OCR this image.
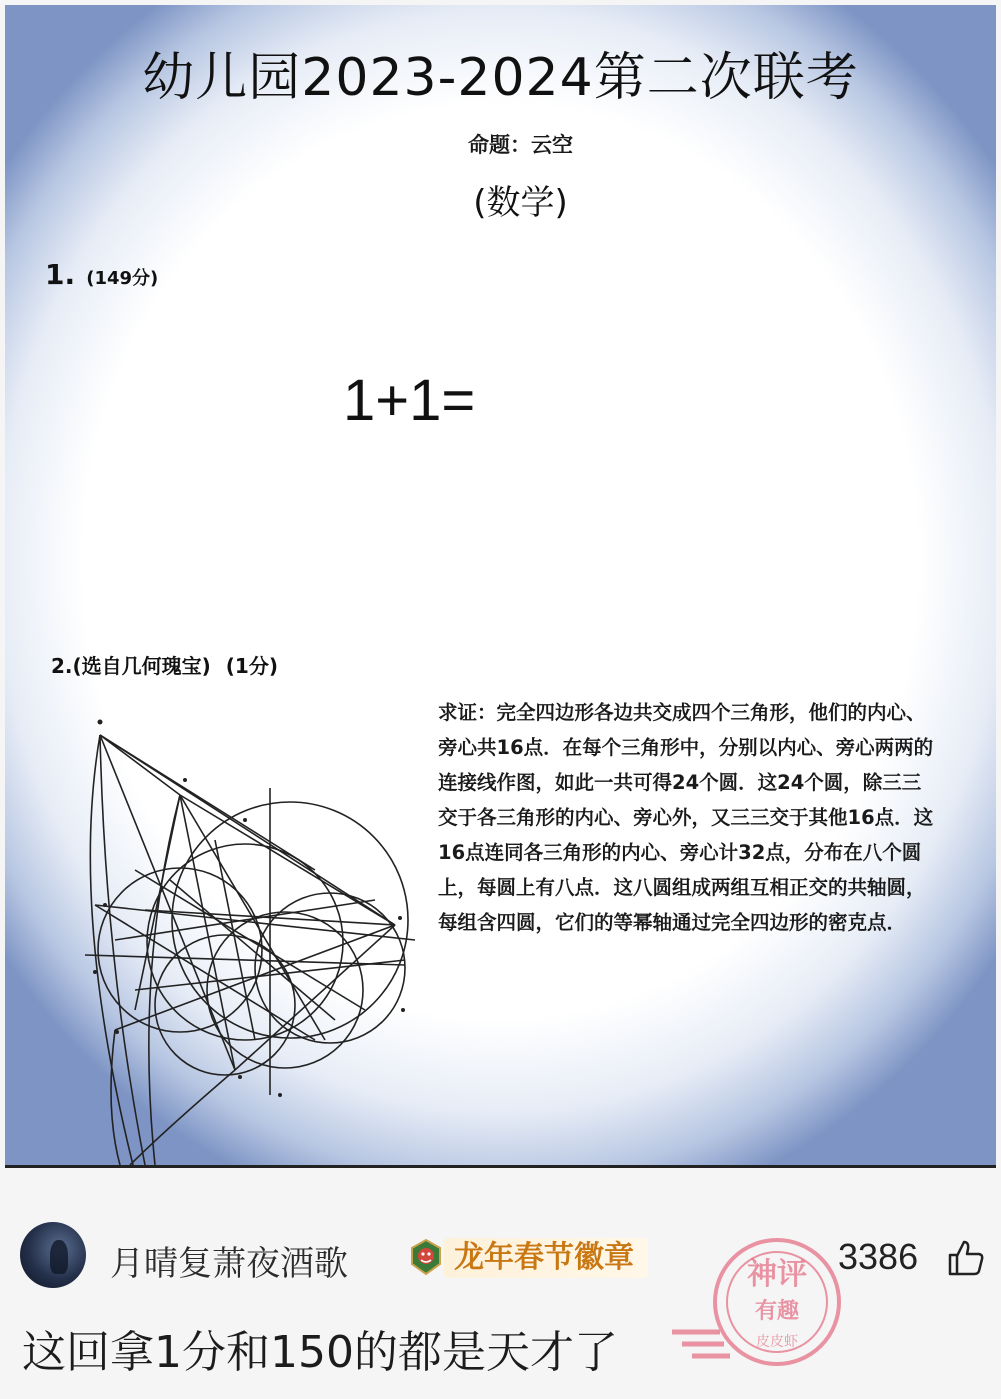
幼儿园2023-2024第二次联考
命题：云空
(数学)
1. (149分)
1+1=
2.(选自几何瑰宝) (1分)
求证：完全四边形各边共交成四个三角形，他们的内心、旁心共16点．在每个三角形中，分别以内心、旁心两两的连接线作图，如此一共可得24个圆．这24个圆，除三三交于各三角形的内心、旁心外，又三三交于其他16点．这16点连同各三角形的内心、旁心计32点，分布在八个圆上，每圆上有八点．这八圆组成两组互相正交的共轴圆，每组含四圆，它们的等幂轴通过完全四边形的密克点．
月晴复萧夜酒歌	龙年春节徽章	神评
有趣
皮皮虾
3386
这回拿1分和150的都是天才了
